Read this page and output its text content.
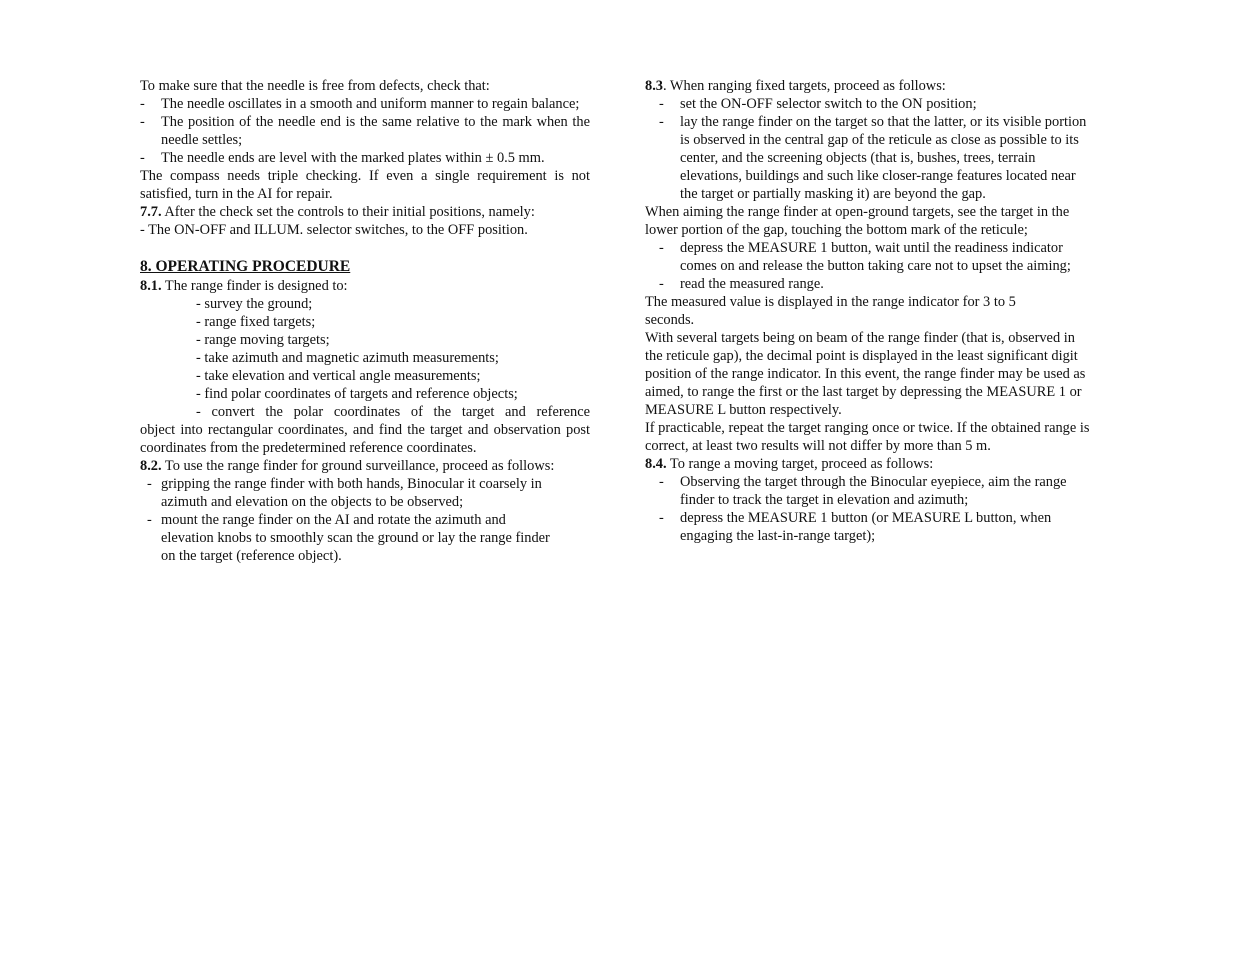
To make sure that the needle is free from defects, check that:

-	The needle oscillates in a smooth and uniform manner to regain balance;
-	The position of the needle end is the same relative to the mark when the needle settles;
-	The needle ends are level with the marked plates within ± 0.5 mm.

The compass needs triple checking. If even a single requirement is not satisfied, turn in the AI for repair.

7.7. After the check set the controls to their initial positions, namely:

- The ON-OFF and ILLUM. selector switches, to the OFF position.

8. OPERATING PROCEDURE

8.1. The range finder is designed to:

- survey the ground;

- range fixed targets;

- range moving targets;

- take azimuth and magnetic azimuth measurements;

- take elevation and vertical angle measurements;

- find polar coordinates of targets and reference objects;

- convert the polar coordinates of the target and reference

object into rectangular coordinates, and find the target and observation post coordinates from the predetermined reference coordinates.

8.2. To use the range finder for ground surveillance, proceed as follows:

- gripping the range finder with both hands, Binocular it coarsely in azimuth and elevation on the objects to be observed;
- mount the range finder on the AI and rotate the azimuth and elevation knobs to smoothly scan the ground or lay the range finder on the target (reference object).

8.3. When ranging fixed targets, proceed as follows:

-	set the ON-OFF selector switch to the ON position;
-	lay the range finder on the target so that the latter, or its visible portion is observed in the central gap of the reticule as close as possible to its center, and the screening objects (that is, bushes, trees, terrain elevations, buildings and such like closer-range features located near the target or partially masking it) are beyond the gap.

When aiming the range finder at open-ground targets, see the target in the lower portion of the gap, touching the bottom mark of the reticule;

-	depress the MEASURE 1 button, wait until the readiness indicator comes on and release the button taking care not to upset the aiming;
-	read the measured range.

The measured value is displayed in the range indicator for 3 to 5 seconds.

With several targets being on beam of the range finder (that is, observed in the reticule gap), the decimal point is displayed in the least significant digit position of the range indicator. In this event, the range finder may be used as aimed, to range the first or the last target by depressing the MEASURE 1 or MEASURE L button respectively.

If practicable, repeat the target ranging once or twice. If the obtained range is correct, at least two results will not differ by more than 5 m.

8.4. To range a moving target, proceed as follows:

-	Observing the target through the Binocular eyepiece, aim the range finder to track the target in elevation and azimuth;
-	depress the MEASURE 1 button (or MEASURE L button, when engaging the last-in-range target);
